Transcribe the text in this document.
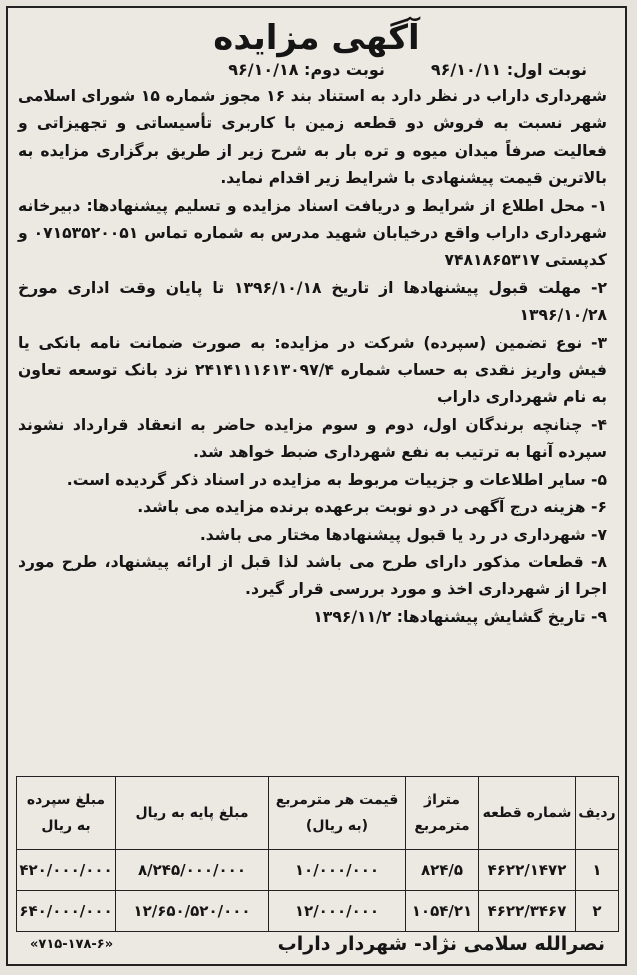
آگهی مزایده
نوبت اول: ۹۶/۱۰/۱۱
نوبت دوم: ۹۶/۱۰/۱۸

شهرداری داراب در نظر دارد به استناد بند ۱۶ مجوز شماره ۱۵ شورای اسلامی شهر نسبت به فروش دو قطعه زمین با کاربری تأسیساتی و تجهیزاتی و فعالیت صرفاً میدان میوه و تره بار به شرح زیر از طریق برگزاری مزایده به بالاترین قیمت پیشنهادی با شرایط زیر اقدام نماید.

۱- محل اطلاع از شرایط و دریافت اسناد مزایده و تسلیم پیشنهادها: دبیرخانه شهرداری داراب واقع درخیابان شهید مدرس به شماره تماس ۰۷۱۵۳۵۲۰۰۵۱ و کدپستی ۷۴۸۱۸۶۵۳۱۷

۲- مهلت قبول پیشنهادها از تاریخ ۱۳۹۶/۱۰/۱۸ تا پایان وقت اداری مورخ ۱۳۹۶/۱۰/۲۸

۳- نوع تضمین (سپرده) شرکت در مزایده: به صورت ضمانت نامه بانکی یا فیش واریز نقدی به حساب شماره ۲۴۱۴۱۱۱۶۱۳۰۹۷/۴ نزد بانک توسعه تعاون به نام شهرداری داراب

۴- چنانچه برندگان اول، دوم و سوم مزایده حاضر به انعقاد قرارداد نشوند سپرده آنها به ترتیب به نفع شهرداری ضبط خواهد شد.

۵- سایر اطلاعات و جزییات مربوط به مزایده در اسناد ذکر گردیده است.

۶- هزینه درج آگهی در دو نوبت برعهده برنده مزایده می باشد.

۷- شهرداری در رد یا قبول پیشنهادها مختار می باشد.

۸- قطعات مذکور دارای طرح می باشد لذا قبل از ارائه پیشنهاد، طرح مورد اجرا از شهرداری اخذ و مورد بررسی قرار گیرد.

۹- تاریخ گشایش پیشنهادها: ۱۳۹۶/۱۱/۲

ردیف	شماره قطعه	متراژ مترمربع	قیمت هر مترمربع (به ریال)	مبلغ پایه به ریال	مبلغ سپرده به ریال
۱	۴۶۲۲/۱۴۷۲	۸۲۴/۵	۱۰/۰۰۰/۰۰۰	۸/۲۴۵/۰۰۰/۰۰۰	۴۲۰/۰۰۰/۰۰۰
۲	۴۶۲۲/۳۴۶۷	۱۰۵۴/۲۱	۱۲/۰۰۰/۰۰۰	۱۲/۶۵۰/۵۲۰/۰۰۰	۶۴۰/۰۰۰/۰۰۰
نصرالله سلامی نژاد- شهردار داراب
«۷۱۵-۱۷۸-۶»
